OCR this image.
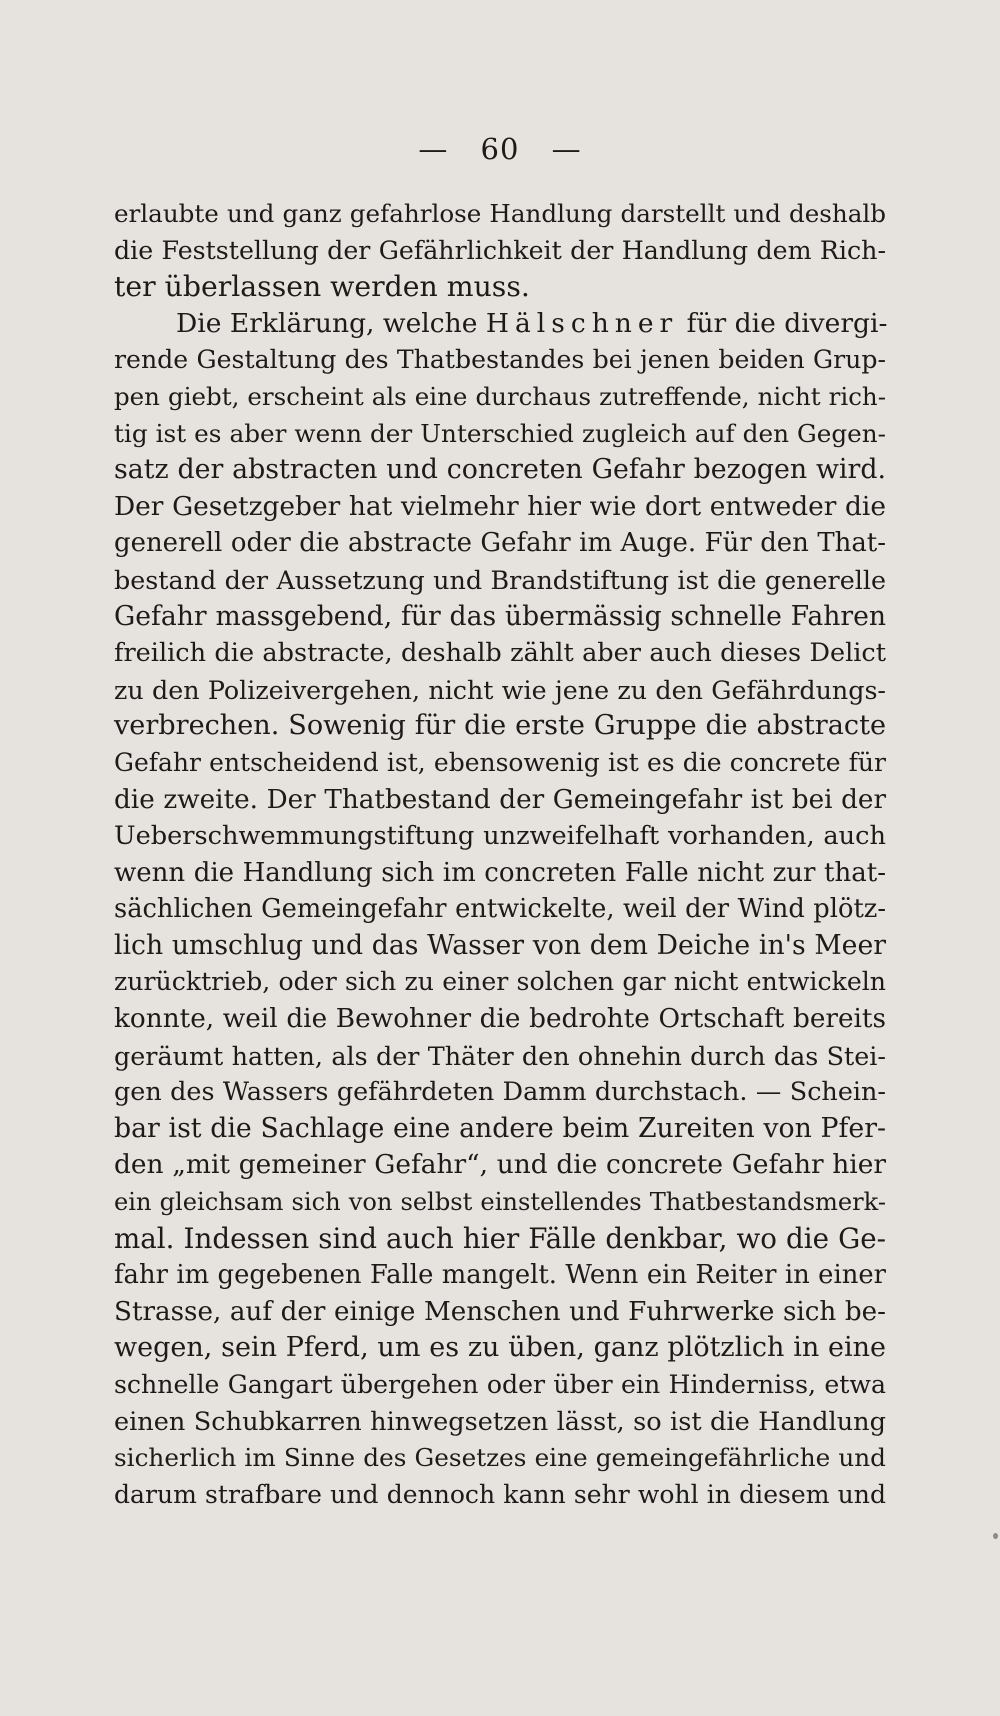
— 60 —
erlaubte und ganz gefahrlose Handlung darstellt und deshalb
die Feststellung der Gefährlichkeit der Handlung dem Rich-
ter überlassen werden muss.
Die Erklärung, welche Hälschner für die divergi-
rende Gestaltung des Thatbestandes bei jenen beiden Grup-
pen giebt, erscheint als eine durchaus zutreffende, nicht rich-
tig ist es aber wenn der Unterschied zugleich auf den Gegen-
satz der abstracten und concreten Gefahr bezogen wird.
Der Gesetzgeber hat vielmehr hier wie dort entweder die
generell oder die abstracte Gefahr im Auge. Für den That-
bestand der Aussetzung und Brandstiftung ist die generelle
Gefahr massgebend, für das übermässig schnelle Fahren
freilich die abstracte, deshalb zählt aber auch dieses Delict
zu den Polizeivergehen, nicht wie jene zu den Gefährdungs-
verbrechen. Sowenig für die erste Gruppe die abstracte
Gefahr entscheidend ist, ebensowenig ist es die concrete für
die zweite. Der Thatbestand der Gemeingefahr ist bei der
Ueberschwemmungstiftung unzweifelhaft vorhanden, auch
wenn die Handlung sich im concreten Falle nicht zur that-
sächlichen Gemeingefahr entwickelte, weil der Wind plötz-
lich umschlug und das Wasser von dem Deiche in's Meer
zurücktrieb, oder sich zu einer solchen gar nicht entwickeln
konnte, weil die Bewohner die bedrohte Ortschaft bereits
geräumt hatten, als der Thäter den ohnehin durch das Stei-
gen des Wassers gefährdeten Damm durchstach. — Schein-
bar ist die Sachlage eine andere beim Zureiten von Pfer-
den „mit gemeiner Gefahr“, und die concrete Gefahr hier
ein gleichsam sich von selbst einstellendes Thatbestandsmerk-
mal. Indessen sind auch hier Fälle denkbar, wo die Ge-
fahr im gegebenen Falle mangelt. Wenn ein Reiter in einer
Strasse, auf der einige Menschen und Fuhrwerke sich be-
wegen, sein Pferd, um es zu üben, ganz plötzlich in eine
schnelle Gangart übergehen oder über ein Hinderniss, etwa
einen Schubkarren hinwegsetzen lässt, so ist die Handlung
sicherlich im Sinne des Gesetzes eine gemeingefährliche und
darum strafbare und dennoch kann sehr wohl in diesem und
